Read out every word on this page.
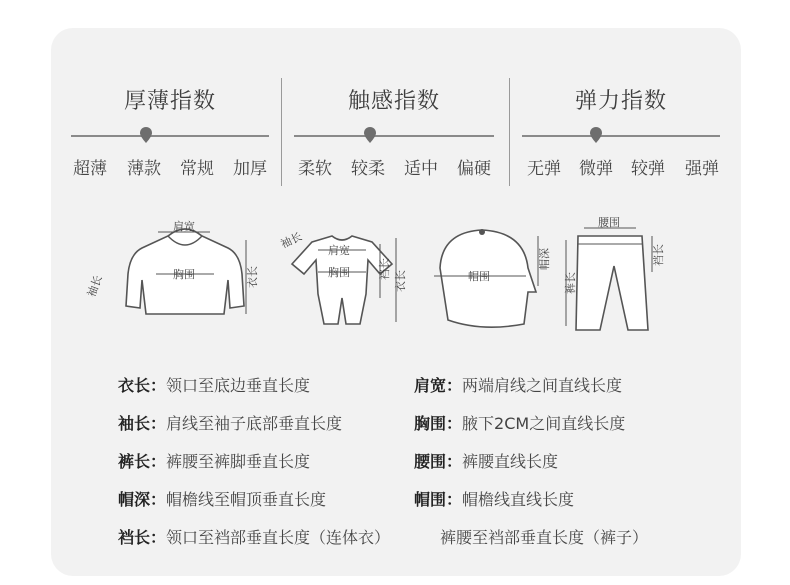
厚薄指数
超薄 薄款 常规 加厚
触感指数
柔软 较柔 适中 偏硬
弹力指数
无弹 微弹 较弹 强弹
肩宽
胸围	衣长
袖长
肩宽
胸围
袖长
裆长
衣长	帽围
帽深
腰围
裤长
裆长
衣长：领口至底边垂直长度	肩宽：两端肩线之间直线长度
袖长：肩线至袖子底部垂直长度	胸围：腋下2CM之间直线长度
裤长：裤腰至裤脚垂直长度	腰围：裤腰直线长度
帽深：帽檐线至帽顶垂直长度	帽围：帽檐线直线长度
裆长：领口至裆部垂直长度（连体衣）	裤腰至裆部垂直长度（裤子）
